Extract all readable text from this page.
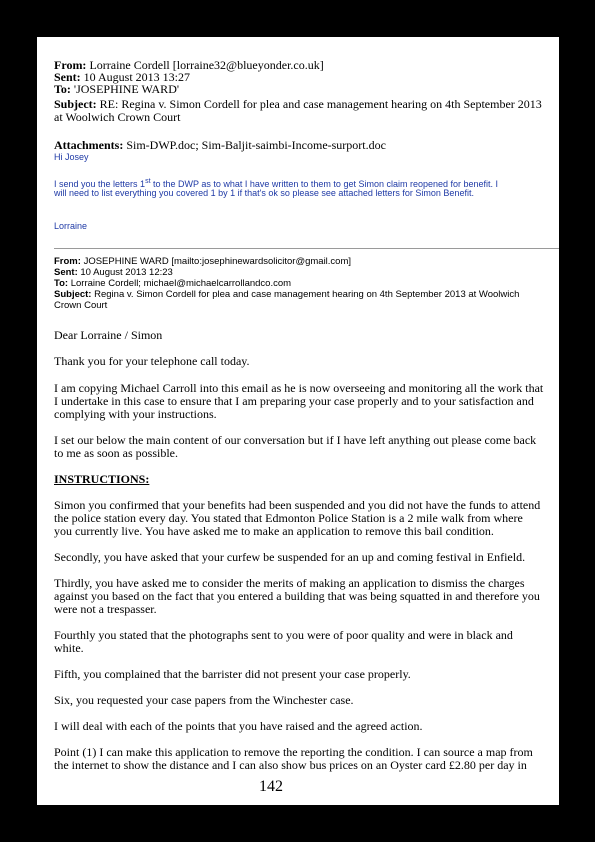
From: Lorraine Cordell [lorraine32@blueyonder.co.uk]
Sent: 10 August 2013 13:27
To: 'JOSEPHINE WARD'
Subject: RE: Regina v. Simon Cordell for plea and case management hearing on 4th September 2013
at Woolwich Crown Court
Attachments: Sim-DWP.doc; Sim-Baljit-saimbi-Income-surport.doc
Hi Josey
I send you the letters 1st to the DWP as to what I have written to them to get Simon claim reopened for benefit. I
will need to list everything you covered 1 by 1 if that's ok so please see attached letters for Simon Benefit.
Lorraine
From: JOSEPHINE WARD [mailto:josephinewardsolicitor@gmail.com]
Sent: 10 August 2013 12:23
To: Lorraine Cordell; michael@michaelcarrollandco.com
Subject: Regina v. Simon Cordell for plea and case management hearing on 4th September 2013 at Woolwich
Crown Court
Dear Lorraine / Simon
Thank you for your telephone call today.
I am copying Michael Carroll into this email as he is now overseeing and monitoring all the work that
I undertake in this case to ensure that I am preparing your case properly and to your satisfaction and
complying with your instructions.
I set our below the main content of our conversation but if I have left anything out please come back
to me as soon as possible.
INSTRUCTIONS:
Simon you confirmed that your benefits had been suspended and you did not have the funds to attend
the police station every day. You stated that Edmonton Police Station is a 2 mile walk from where
you currently live. You have asked me to make an application to remove this bail condition.
Secondly, you have asked that your curfew be suspended for an up and coming festival in Enfield.
Thirdly, you have asked me to consider the merits of making an application to dismiss the charges
against you based on the fact that you entered a building that was being squatted in and therefore you
were not a trespasser.
Fourthly you stated that the photographs sent to you were of poor quality and were in black and
white.
Fifth, you complained that the barrister did not present your case properly.
Six, you requested your case papers from the Winchester case.
I will deal with each of the points that you have raised and the agreed action.
Point (1) I can make this application to remove the reporting the condition. I can source a map from
the internet to show the distance and I can also show bus prices on an Oyster card £2.80 per day in
142
